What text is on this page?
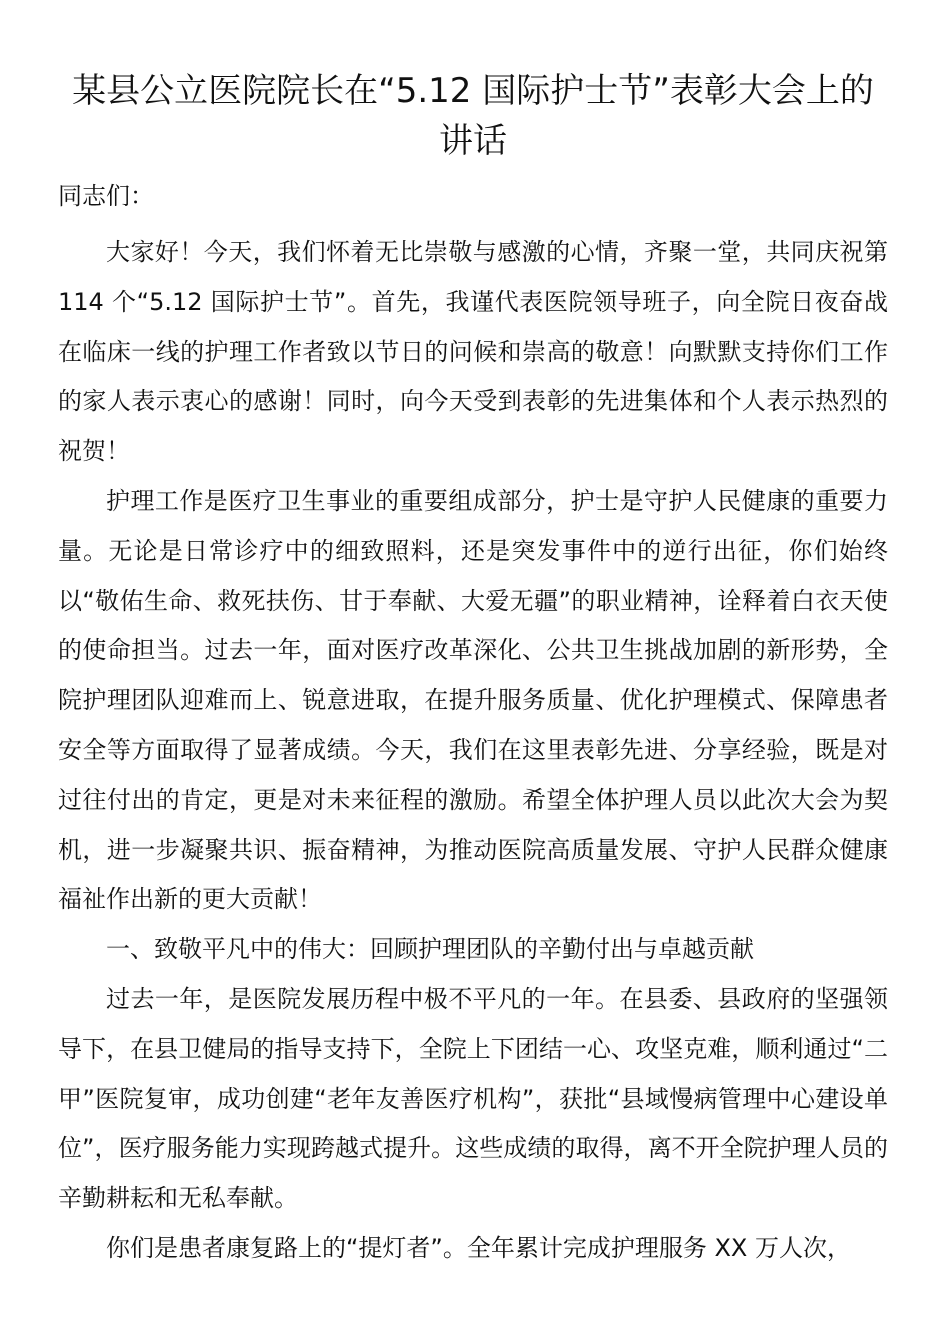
某县公立医院院长在“5.12 国际护士节”表彰大会上的讲话

同志们：

大家好！今天，我们怀着无比崇敬与感激的心情，齐聚一堂，共同庆祝第 114 个“5.12 国际护士节”。首先，我谨代表医院领导班子，向全院日夜奋战在临床一线的护理工作者致以节日的问候和崇高的敬意！向默默支持你们工作的家人表示衷心的感谢！同时，向今天受到表彰的先进集体和个人表示热烈的祝贺！

护理工作是医疗卫生事业的重要组成部分，护士是守护人民健康的重要力量。无论是日常诊疗中的细致照料，还是突发事件中的逆行出征，你们始终以“敬佑生命、救死扶伤、甘于奉献、大爱无疆”的职业精神，诠释着白衣天使的使命担当。过去一年，面对医疗改革深化、公共卫生挑战加剧的新形势，全院护理团队迎难而上、锐意进取，在提升服务质量、优化护理模式、保障患者安全等方面取得了显著成绩。今天，我们在这里表彰先进、分享经验，既是对过往付出的肯定，更是对未来征程的激励。希望全体护理人员以此次大会为契机，进一步凝聚共识、振奋精神，为推动医院高质量发展、守护人民群众健康福祉作出新的更大贡献！

一、致敬平凡中的伟大：回顾护理团队的辛勤付出与卓越贡献

过去一年，是医院发展历程中极不平凡的一年。在县委、县政府的坚强领导下，在县卫健局的指导支持下，全院上下团结一心、攻坚克难，顺利通过“二甲”医院复审，成功创建“老年友善医疗机构”，获批“县域慢病管理中心建设单位”，医疗服务能力实现跨越式提升。这些成绩的取得，离不开全院护理人员的辛勤耕耘和无私奉献。

你们是患者康复路上的“提灯者”。全年累计完成护理服务 XX 万人次，
